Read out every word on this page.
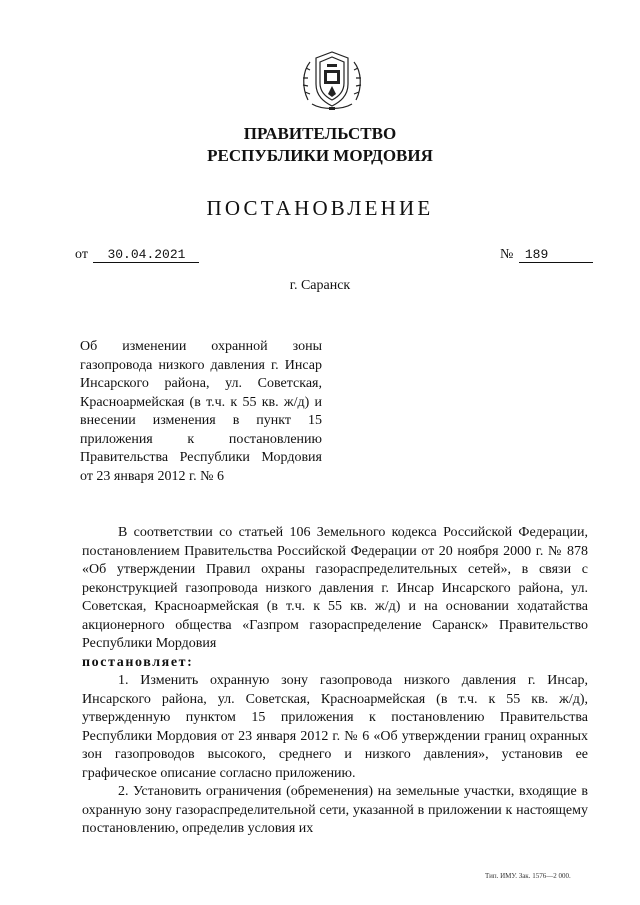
ПРАВИТЕЛЬСТВО
РЕСПУБЛИКИ МОРДОВИЯ
ПОСТАНОВЛЕНИЕ
от 30.04.2021	№ 189
г. Саранск
Об изменении охранной зоны газопровода низкого давления г. Инсар Инсарского района, ул. Советская, Красноармейская (в т.ч. к 55 кв. ж/д) и внесении изменения в пункт 15 приложения к постановлению Правительства Республики Мордовия от 23 января 2012 г. № 6

В соответствии со статьей 106 Земельного кодекса Российской Федерации, постановлением Правительства Российской Федерации от 20 ноября 2000 г. № 878 «Об утверждении Правил охраны газораспределительных сетей», в связи с реконструкцией газопровода низкого давления г. Инсар Инсарского района, ул. Советская, Красноармейская (в т.ч. к 55 кв. ж/д) и на основании ходатайства акционерного общества «Газпром газораспределение Саранск» Правительство Республики Мордовия

постановляет:

1. Изменить охранную зону газопровода низкого давления г. Инсар, Инсарского района, ул. Советская, Красноармейская (в т.ч. к 55 кв. ж/д), утвержденную пунктом 15 приложения к постановлению Правительства Республики Мордовия от 23 января 2012 г. № 6 «Об утверждении границ охранных зон газопроводов высокого, среднего и низкого давления», установив ее графическое описание согласно приложению.

2. Установить ограничения (обременения) на земельные участки, входящие в охранную зону газораспределительной сети, указанной в приложении к настоящему постановлению, определив условия их

Тип. ИМУ. Зак. 1576—2 000.
